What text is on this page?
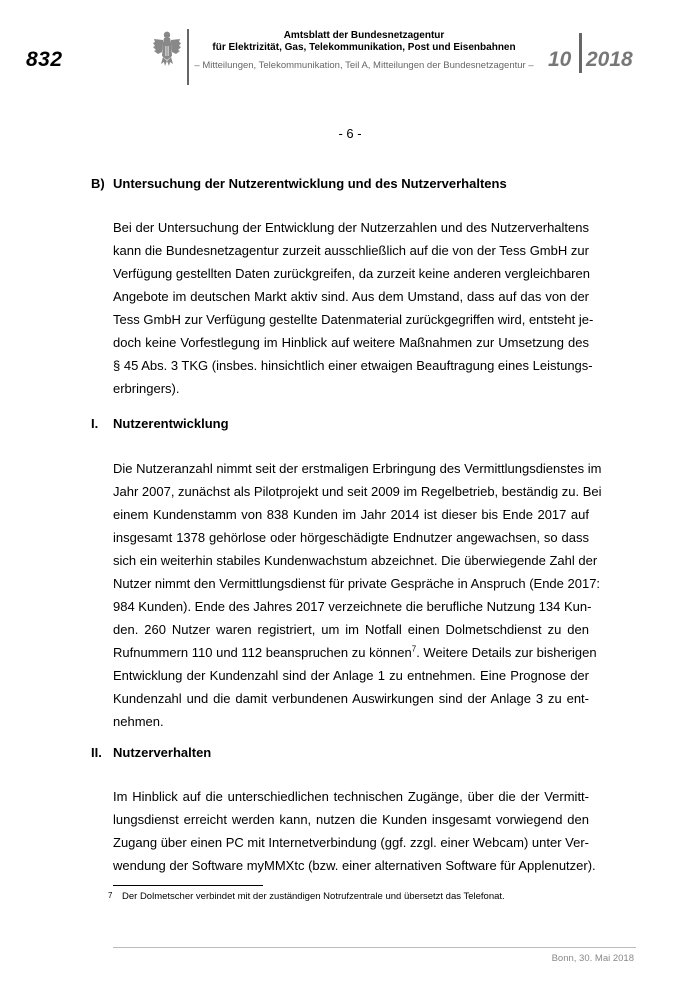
832
Amtsblatt der Bundesnetzagentur
für Elektrizität, Gas, Telekommunikation, Post und Eisenbahnen
– Mitteilungen, Telekommunikation, Teil A, Mitteilungen der Bundesnetzagentur – 10 2018
- 6 -
B) Untersuchung der Nutzerentwicklung und des Nutzerverhaltens
Bei der Untersuchung der Entwicklung der Nutzerzahlen und des Nutzerverhaltens
kann die Bundesnetzagentur zurzeit ausschließlich auf die von der Tess GmbH zur
Verfügung gestellten Daten zurückgreifen, da zurzeit keine anderen vergleichbaren
Angebote im deutschen Markt aktiv sind. Aus dem Umstand, dass auf das von der
Tess GmbH zur Verfügung gestellte Datenmaterial zurückgegriffen wird, entsteht je-
doch keine Vorfestlegung im Hinblick auf weitere Maßnahmen zur Umsetzung des
§ 45 Abs. 3 TKG (insbes. hinsichtlich einer etwaigen Beauftragung eines Leistungs-
erbringers).
I. Nutzerentwicklung
Die Nutzeranzahl nimmt seit der erstmaligen Erbringung des Vermittlungsdienstes im
Jahr 2007, zunächst als Pilotprojekt und seit 2009 im Regelbetrieb, beständig zu. Bei
einem Kundenstamm von 838 Kunden im Jahr 2014 ist dieser bis Ende 2017 auf
insgesamt 1378 gehörlose oder hörgeschädigte Endnutzer angewachsen, so dass
sich ein weiterhin stabiles Kundenwachstum abzeichnet. Die überwiegende Zahl der
Nutzer nimmt den Vermittlungsdienst für private Gespräche in Anspruch (Ende 2017:
984 Kunden). Ende des Jahres 2017 verzeichnete die berufliche Nutzung 134 Kun-
den. 260 Nutzer waren registriert, um im Notfall einen Dolmetschdienst zu den
Rufnummern 110 und 112 beanspruchen zu können$^7$. Weitere Details zur bisherigen
Entwicklung der Kundenzahl sind der Anlage 1 zu entnehmen. Eine Prognose der
Kundenzahl und die damit verbundenen Auswirkungen sind der Anlage 3 zu ent-
nehmen.
II. Nutzerverhalten
Im Hinblick auf die unterschiedlichen technischen Zugänge, über die der Vermitt-
lungsdienst erreicht werden kann, nutzen die Kunden insgesamt vorwiegend den
Zugang über einen PC mit Internetverbindung (ggf. zzgl. einer Webcam) unter Ver-
wendung der Software myMMXtc (bzw. einer alternativen Software für Applenutzer).
7 Der Dolmetscher verbindet mit der zuständigen Notrufzentrale und übersetzt das Telefonat.
Bonn, 30. Mai 2018
